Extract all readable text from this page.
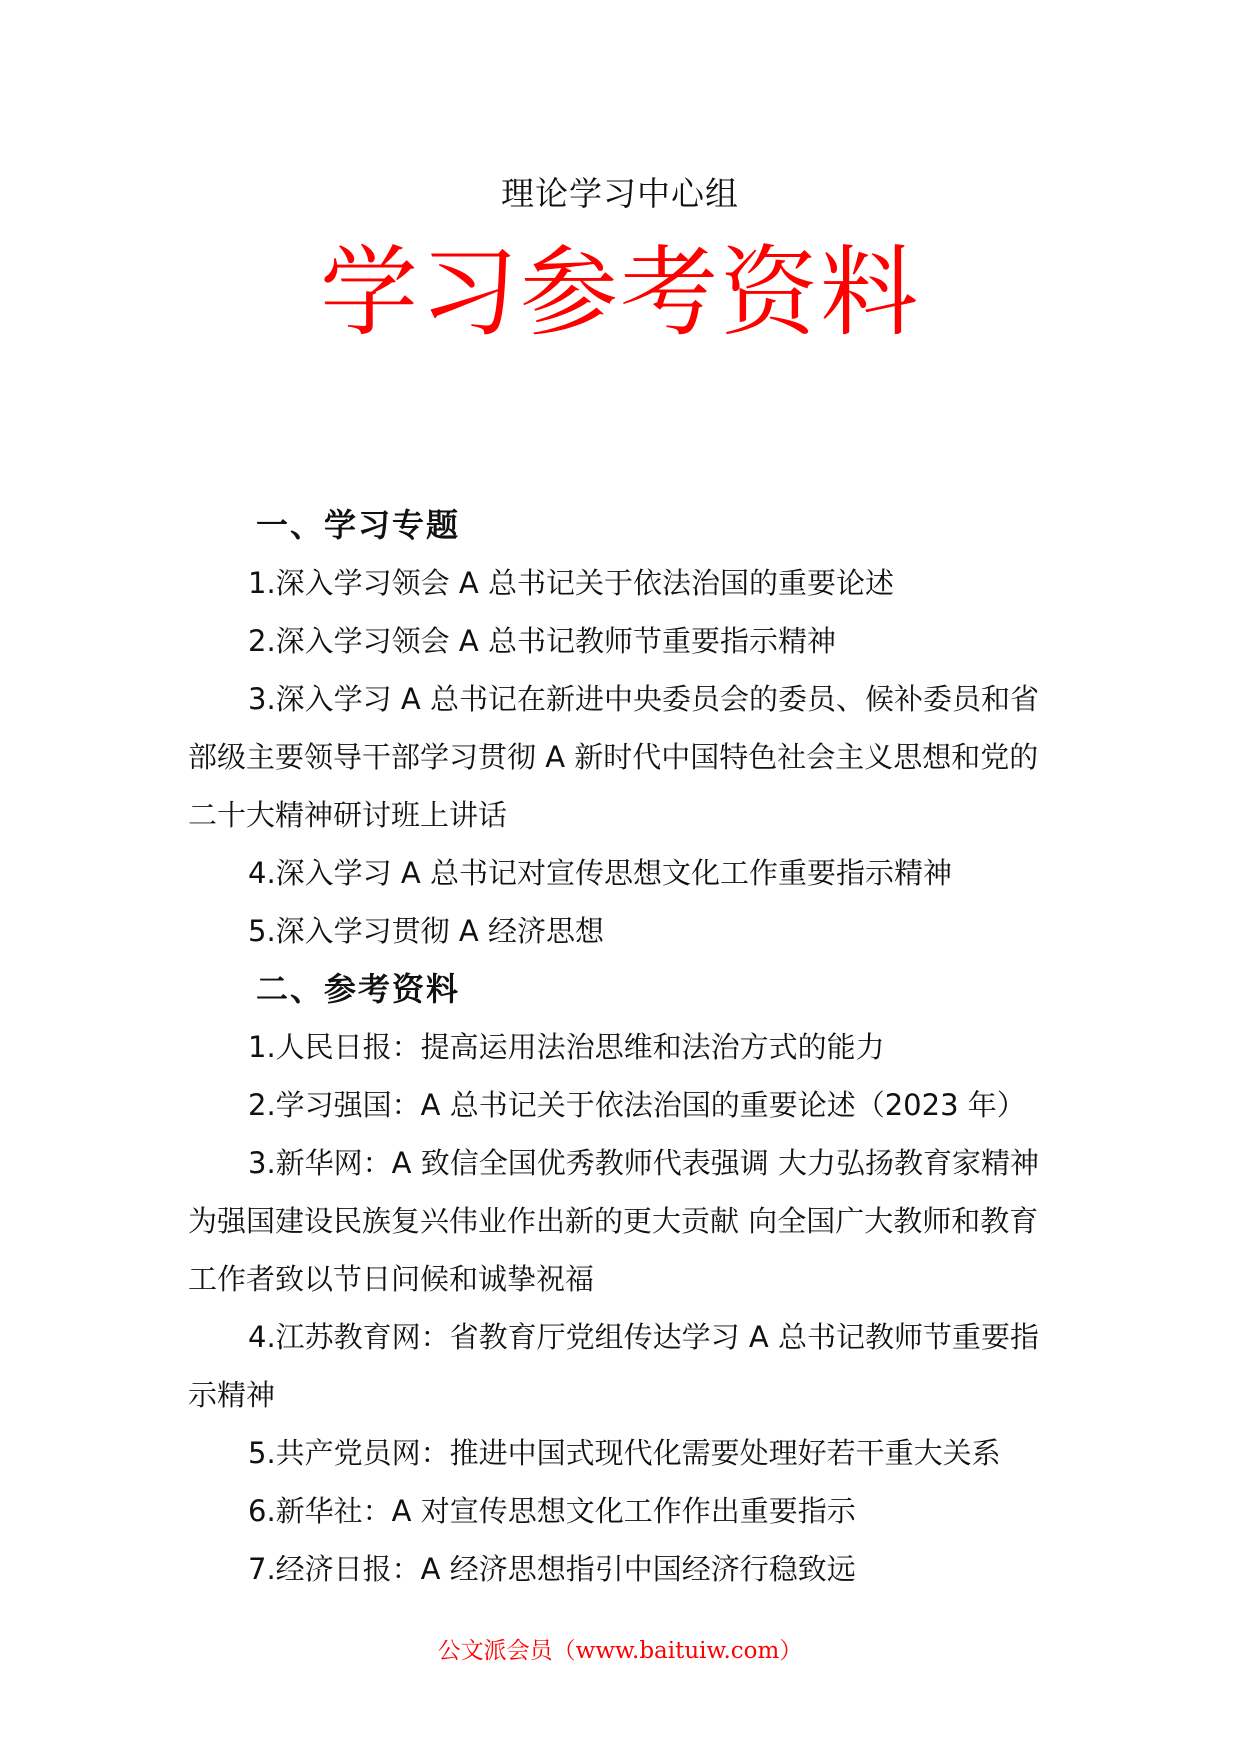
理论学习中心组
学习参考资料
一、学习专题

1.深入学习领会 A 总书记关于依法治国的重要论述

2.深入学习领会 A 总书记教师节重要指示精神

3.深入学习 A 总书记在新进中央委员会的委员、候补委员和省部级主要领导干部学习贯彻 A 新时代中国特色社会主义思想和党的二十大精神研讨班上讲话

4.深入学习 A 总书记对宣传思想文化工作重要指示精神

5.深入学习贯彻 A 经济思想

二、参考资料

1.人民日报：提高运用法治思维和法治方式的能力

2.学习强国：A 总书记关于依法治国的重要论述（2023 年）

3.新华网：A 致信全国优秀教师代表强调 大力弘扬教育家精神 为强国建设民族复兴伟业作出新的更大贡献 向全国广大教师和教育工作者致以节日问候和诚挚祝福

4.江苏教育网：省教育厅党组传达学习 A 总书记教师节重要指示精神

5.共产党员网：推进中国式现代化需要处理好若干重大关系

6.新华社：A 对宣传思想文化工作作出重要指示

7.经济日报：A 经济思想指引中国经济行稳致远

公文派会员（www.baituiw.com）
